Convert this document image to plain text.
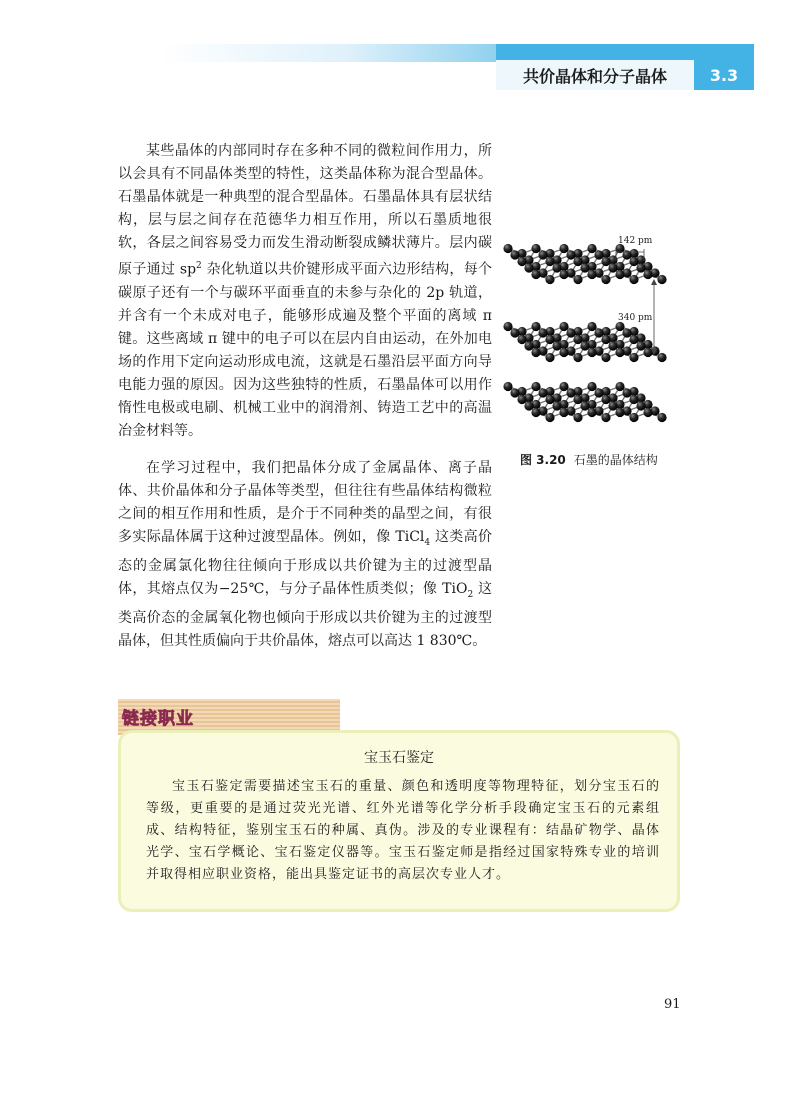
共价晶体和分子晶体	3.3

某些晶体的内部同时存在多种不同的微粒间作用力，所以会具有不同晶体类型的特性，这类晶体称为混合型晶体。石墨晶体就是一种典型的混合型晶体。石墨晶体具有层状结构，层与层之间存在范德华力相互作用，所以石墨质地很软，各层之间容易受力而发生滑动断裂成鳞状薄片。层内碳原子通过 $sp^2$ 杂化轨道以共价键形成平面六边形结构，每个碳原子还有一个与碳环平面垂直的未参与杂化的 2p 轨道，并含有一个未成对电子，能够形成遍及整个平面的离域 π 键。这些离域 π 键中的电子可以在层内自由运动，在外加电场的作用下定向运动形成电流，这就是石墨沿层平面方向导电能力强的原因。因为这些独特的性质，石墨晶体可以用作惰性电极或电刷、机械工业中的润滑剂、铸造工艺中的高温冶金材料等。

142 pm
340 pm
图 3.20 石墨的晶体结构

在学习过程中，我们把晶体分成了金属晶体、离子晶体、共价晶体和分子晶体等类型，但往往有些晶体结构微粒之间的相互作用和性质，是介于不同种类的晶型之间，有很多实际晶体属于这种过渡型晶体。例如，像 TiCl$_4$ 这类高价态的金属氯化物往往倾向于形成以共价键为主的过渡型晶体，其熔点仅为−25℃，与分子晶体性质类似；像 TiO$_2$ 这类高价态的金属氧化物也倾向于形成以共价键为主的过渡型晶体，但其性质偏向于共价晶体，熔点可以高达 1 830℃。

链接职业
宝玉石鉴定

宝玉石鉴定需要描述宝玉石的重量、颜色和透明度等物理特征，划分宝玉石的等级，更重要的是通过荧光光谱、红外光谱等化学分析手段确定宝玉石的元素组成、结构特征，鉴别宝玉石的种属、真伪。涉及的专业课程有：结晶矿物学、晶体光学、宝石学概论、宝石鉴定仪器等。宝玉石鉴定师是指经过国家特殊专业的培训并取得相应职业资格，能出具鉴定证书的高层次专业人才。

91
